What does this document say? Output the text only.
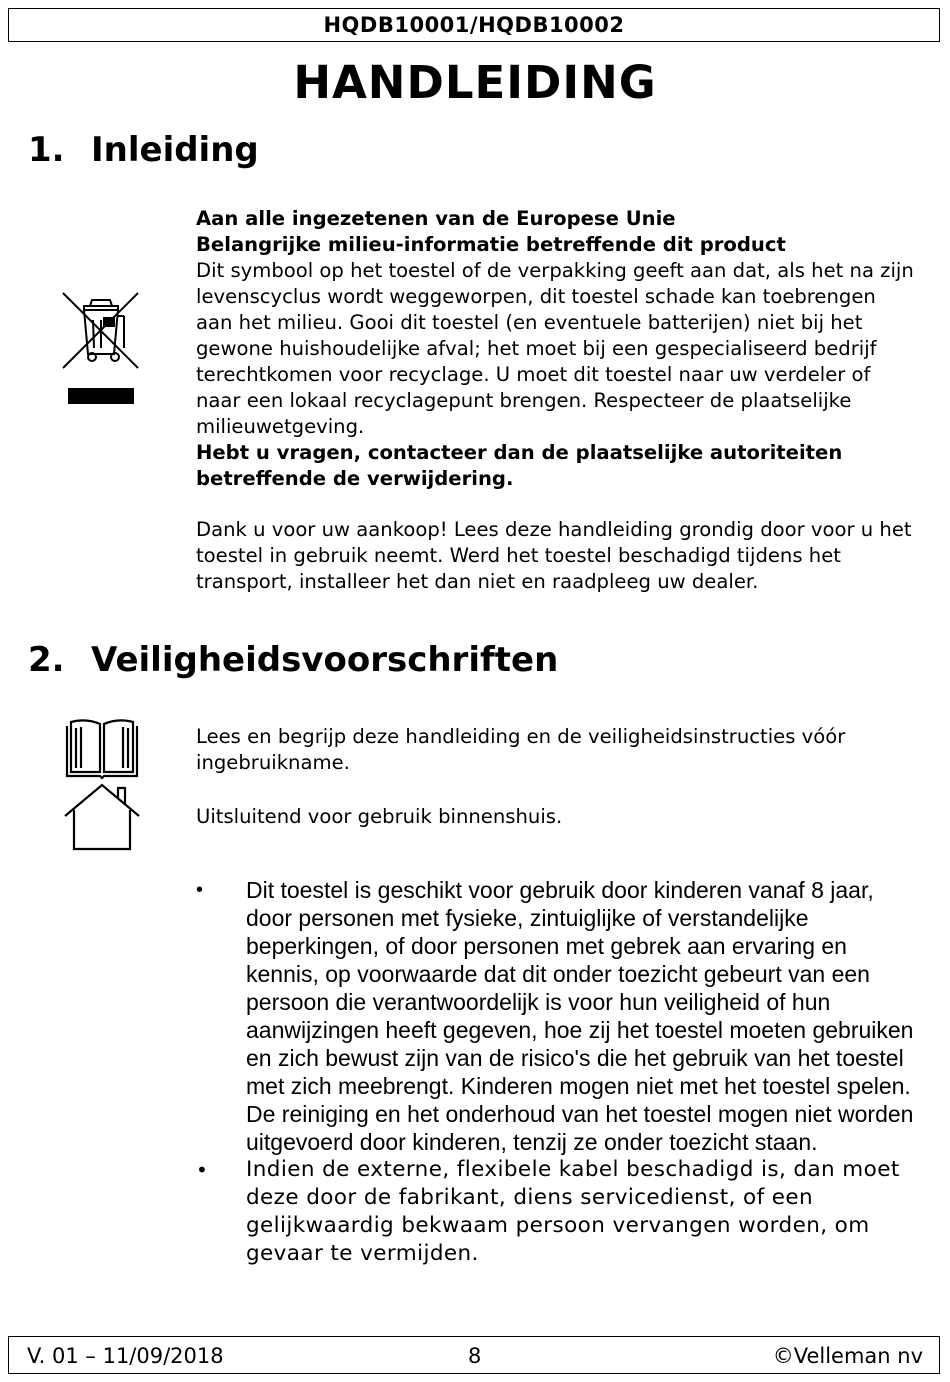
HQDB10001/HQDB10002
HANDLEIDING
1. Inleiding

Aan alle ingezetenen van de Europese Unie
Belangrijke milieu-informatie betreffende dit product
Dit symbool op het toestel of de verpakking geeft aan dat, als het na zijn levenscyclus wordt weggeworpen, dit toestel schade kan toebrengen aan het milieu. Gooi dit toestel (en eventuele batterijen) niet bij het gewone huishoudelijke afval; het moet bij een gespecialiseerd bedrijf terechtkomen voor recyclage. U moet dit toestel naar uw verdeler of naar een lokaal recyclagepunt brengen. Respecteer de plaatselijke milieuwetgeving.
Hebt u vragen, contacteer dan de plaatselijke autoriteiten betreffende de verwijdering.

Dank u voor uw aankoop! Lees deze handleiding grondig door voor u het toestel in gebruik neemt. Werd het toestel beschadigd tijdens het transport, installeer het dan niet en raadpleeg uw dealer.

2. Veiligheidsvoorschriften

Lees en begrijp deze handleiding en de veiligheidsinstructies vóór ingebruikname.

Uitsluitend voor gebruik binnenshuis.

• Dit toestel is geschikt voor gebruik door kinderen vanaf 8 jaar, door personen met fysieke, zintuiglijke of verstandelijke beperkingen, of door personen met gebrek aan ervaring en kennis, op voorwaarde dat dit onder toezicht gebeurt van een persoon die verantwoordelijk is voor hun veiligheid of hun aanwijzingen heeft gegeven, hoe zij het toestel moeten gebruiken en zich bewust zijn van de risico's die het gebruik van het toestel met zich meebrengt. Kinderen mogen niet met het toestel spelen. De reiniging en het onderhoud van het toestel mogen niet worden uitgevoerd door kinderen, tenzij ze onder toezicht staan.
• Indien de externe, flexibele kabel beschadigd is, dan moet deze door de fabrikant, diens servicedienst, of een gelijkwaardig bekwaam persoon vervangen worden, om gevaar te vermijden.
V. 01 – 11/09/2018	8	©Velleman nv
